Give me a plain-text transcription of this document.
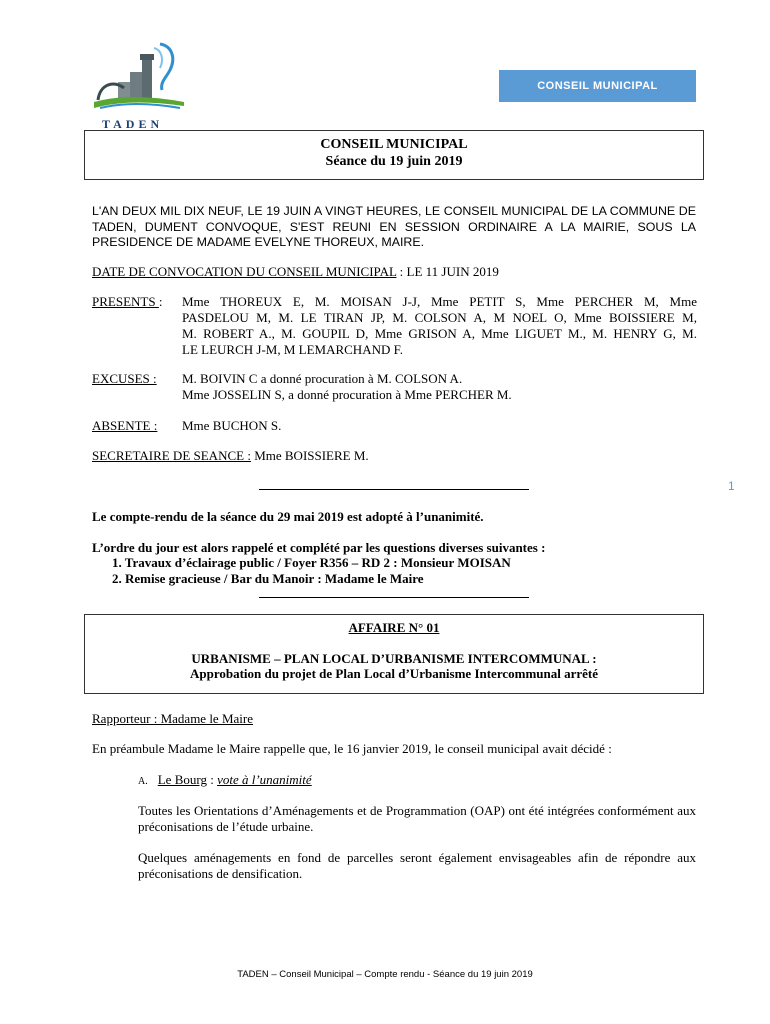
TADEN
CONSEIL MUNICIPAL
CONSEIL MUNICIPAL
Séance du 19 juin 2019
L'AN DEUX MIL DIX NEUF, LE 19 JUIN A VINGT HEURES, LE CONSEIL MUNICIPAL DE LA COMMUNE DE TADEN, DUMENT CONVOQUE, S'EST REUNI EN SESSION ORDINAIRE A LA MAIRIE, SOUS LA PRESIDENCE DE MADAME EVELYNE THOREUX, MAIRE.
DATE DE CONVOCATION DU CONSEIL MUNICIPAL : LE 11 JUIN 2019
PRESENTS : Mme THOREUX E, M. MOISAN J-J, Mme PETIT S, Mme PERCHER M, Mme
PASDELOU M, M. LE TIRAN JP, M. COLSON A, M NOEL O, Mme BOISSIERE M,
M. ROBERT A., M. GOUPIL D, Mme GRISON A, Mme LIGUET M., M. HENRY G, M.
LE LEURCH J-M, M LEMARCHAND F.
EXCUSES : M. BOIVIN C a donné procuration à M. COLSON A.
Mme JOSSELIN S, a donné procuration à Mme PERCHER M.
ABSENTE : Mme BUCHON S.
SECRETAIRE DE SEANCE : Mme BOISSIERE M.
1
Le compte-rendu de la séance du 29 mai 2019 est adopté à l’unanimité.
L’ordre du jour est alors rappelé et complété par les questions diverses suivantes :
1. Travaux d’éclairage public / Foyer R356 – RD 2 : Monsieur MOISAN
2. Remise gracieuse / Bar du Manoir : Madame le Maire
AFFAIRE N° 01
URBANISME – PLAN LOCAL D’URBANISME INTERCOMMUNAL :
Approbation du projet de Plan Local d’Urbanisme Intercommunal arrêté
Rapporteur : Madame le Maire
En préambule Madame le Maire rappelle que, le 16 janvier 2019, le conseil municipal avait décidé :
A. Le Bourg : vote à l’unanimité
Toutes les Orientations d’Aménagements et de Programmation (OAP) ont été intégrées conformément aux préconisations de l’étude urbaine.
Quelques aménagements en fond de parcelles seront également envisageables afin de répondre aux préconisations de densification.
TADEN – Conseil Municipal – Compte rendu - Séance du 19 juin 2019
